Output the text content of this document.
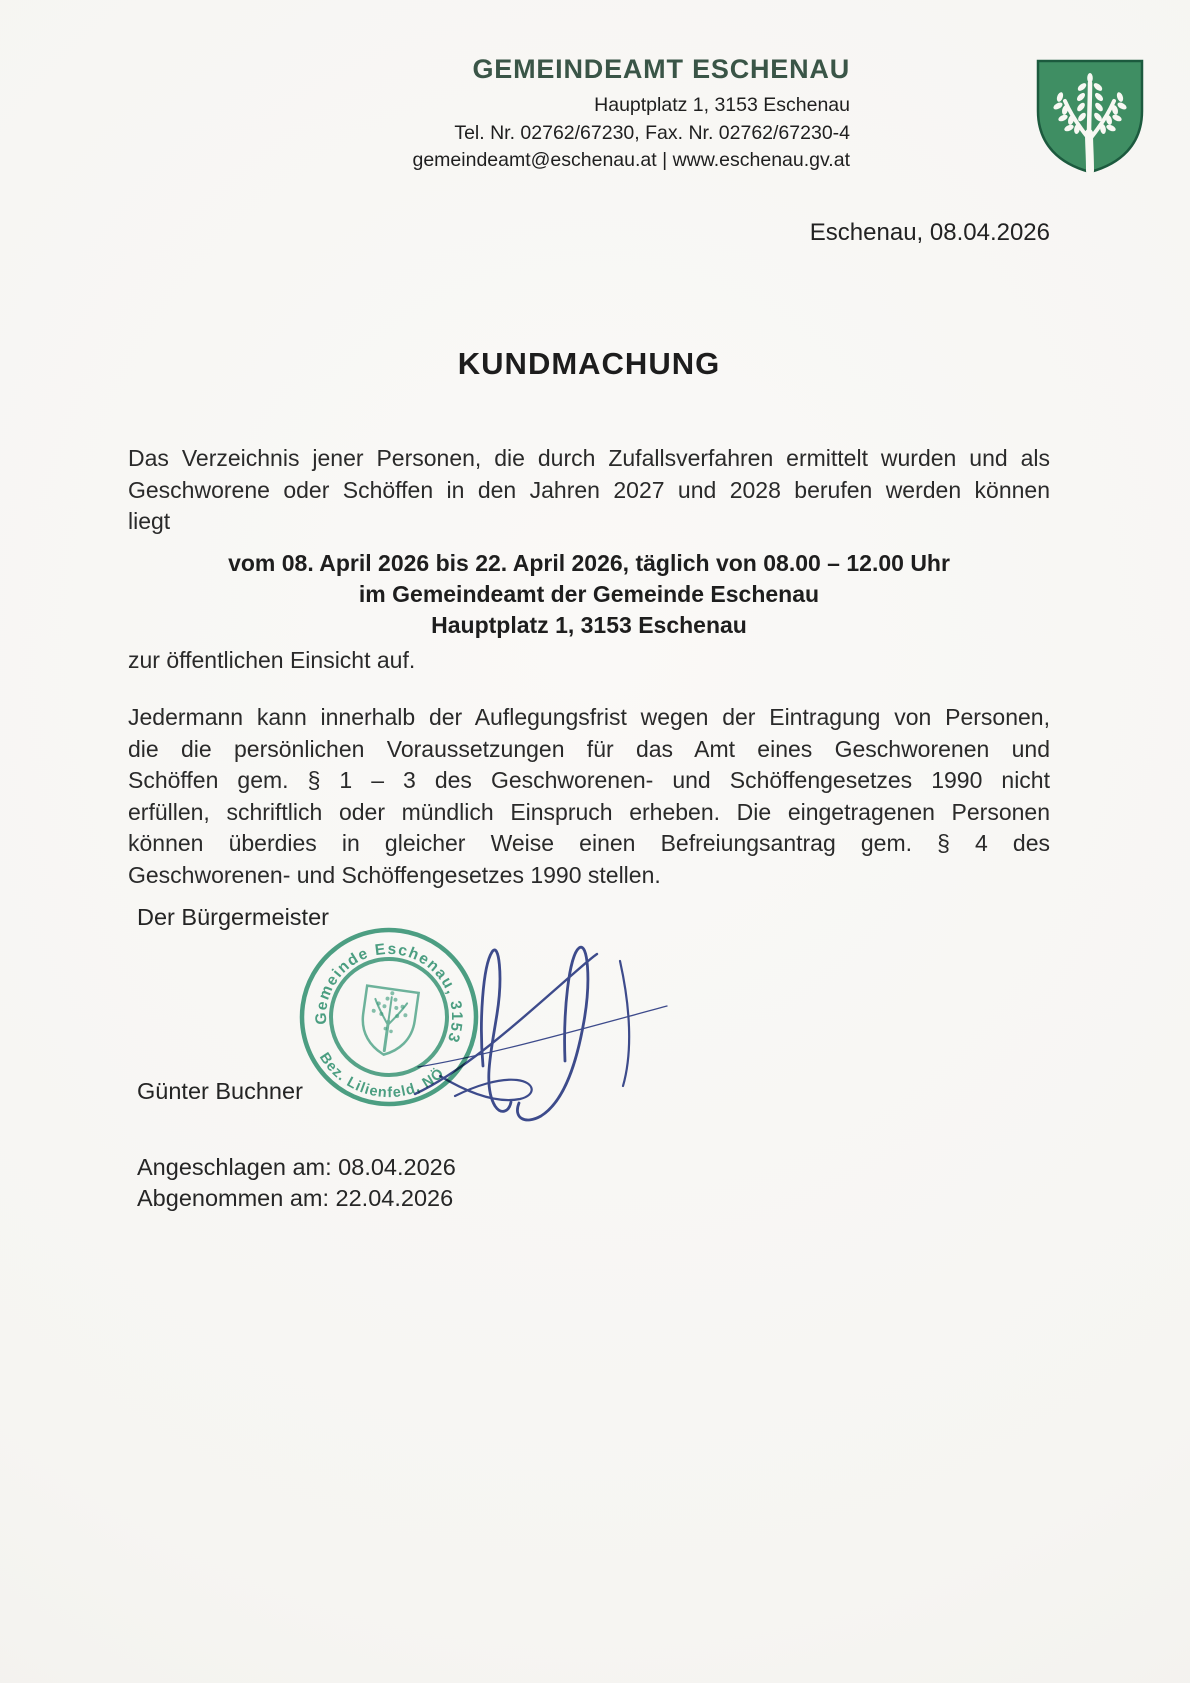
GEMEINDEAMT ESCHENAU
Hauptplatz 1, 3153 Eschenau
Tel. Nr. 02762/67230, Fax. Nr. 02762/67230-4
gemeindeamt@eschenau.at | www.eschenau.gv.at
Eschenau, 08.04.2026
KUNDMACHUNG
Das Verzeichnis jener Personen, die durch Zufallsverfahren ermittelt wurden und als
Geschworene oder Schöffen in den Jahren 2027 und 2028 berufen werden können
liegt
vom 08. April 2026 bis 22. April 2026, täglich von 08.00 – 12.00 Uhr
im Gemeindeamt der Gemeinde Eschenau
Hauptplatz 1, 3153 Eschenau
zur öffentlichen Einsicht auf.
Jedermann kann innerhalb der Auflegungsfrist wegen der Eintragung von Personen,
die die persönlichen Voraussetzungen für das Amt eines Geschworenen und
Schöffen gem. § 1 – 3 des Geschworenen- und Schöffengesetzes 1990 nicht
erfüllen, schriftlich oder mündlich Einspruch erheben. Die eingetragenen Personen
können überdies in gleicher Weise einen Befreiungsantrag gem. § 4 des
Geschworenen- und Schöffengesetzes 1990 stellen.
Der Bürgermeister
Gemeinde Eschenau, 3153
Bez. Lilienfeld, NÖ
Günter Buchner
Angeschlagen am: 08.04.2026
Abgenommen am: 22.04.2026
